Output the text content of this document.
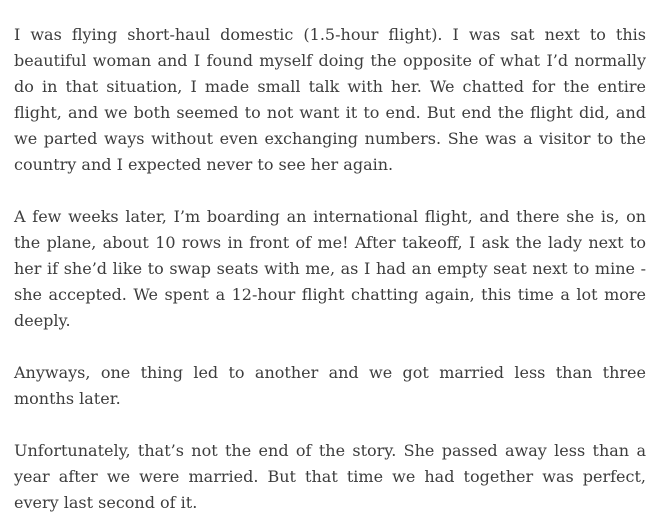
I was flying short-haul domestic (1.5-hour flight). I was sat next to this beautiful woman and I found myself doing the opposite of what I’d normally do in that situation, I made small talk with her. We chatted for the entire flight, and we both seemed to not want it to end. But end the flight did, and we parted ways without even exchanging numbers. She was a visitor to the country and I expected never to see her again.

A few weeks later, I’m boarding an international flight, and there she is, on the plane, about 10 rows in front of me! After takeoff, I ask the lady next to her if she’d like to swap seats with me, as I had an empty seat next to mine - she accepted. We spent a 12-hour flight chatting again, this time a lot more deeply.

Anyways, one thing led to another and we got married less than three months later.

Unfortunately, that’s not the end of the story. She passed away less than a year after we were married. But that time we had together was perfect, every last second of it.
